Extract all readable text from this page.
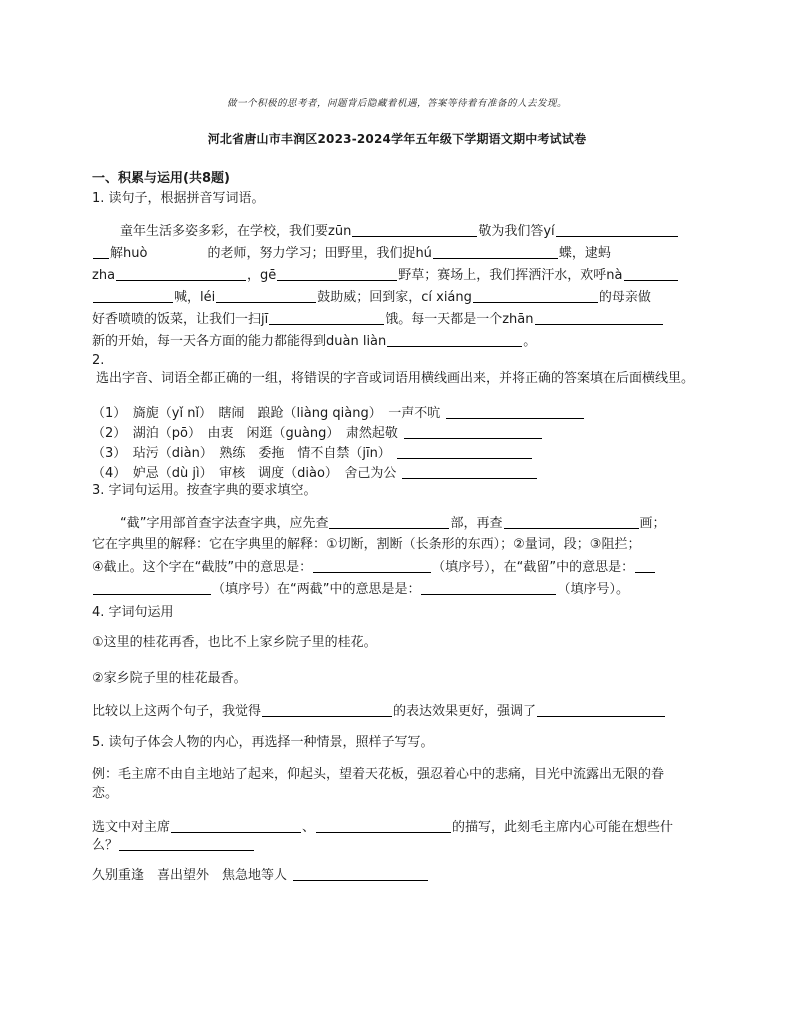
做一个积极的思考者，问题背后隐藏着机遇，答案等待着有准备的人去发现。
河北省唐山市丰润区2023-2024学年五年级下学期语文期中考试试卷
一、积累与运用(共8题)
1. 读句子，根据拼音写词语。
童年生活多姿多彩，在学校，我们要zūn	敬为我们答yí
解huò	的老师，努力学习；田野里，我们捉hú	蝶，逮蚂
zha	，gē	野草；赛场上，我们挥洒汗水，欢呼nà
喊，léi	鼓助威；回到家，cí xiáng	的母亲做
好香喷喷的饭菜，让我们一扫jī	饿。每一天都是一个zhān
新的开始，每一天各方面的能力都能得到duàn liàn	。
2.
选出字音、词语全都正确的一组，将错误的字音或词语用横线画出来，并将正确的答案填在后面横线里。
（1）　旖旎（yǐ nǐ）　瞎闹　踉跄（liàng qiàng）　一声不吭
（2）　湖泊（pō）　由衷　闲逛（guàng）　肃然起敬
（3）　玷污（diàn）　熟练　委拖　情不自禁（jīn）
（4）　妒忌（dù jì）　审核　调度（diào）　舍己为公
3. 字词句运用。按查字典的要求填空。
“截”字用部首查字法查字典，应先查	部，再查	画；
它在字典里的解释：它在字典里的解释：①切断，割断（长条形的东西）；②量词，段；③阻拦；
④截止。这个字在“截肢”中的意思是：	（填序号），在“截留”中的意思是：
（填序号）在“两截”中的意思是是：	（填序号）。
4. 字词句运用
①这里的桂花再香，也比不上家乡院子里的桂花。
②家乡院子里的桂花最香。
比较以上这两个句子，我觉得	的表达效果更好，强调了
5. 读句子体会人物的内心，再选择一种情景，照样子写写。
例：毛主席不由自主地站了起来，仰起头，望着天花板，强忍着心中的悲痛，目光中流露出无限的眷
恋。
选文中对主席	、	的描写，此刻毛主席内心可能在想些什
么？
久别重逢　喜出望外　焦急地等人
